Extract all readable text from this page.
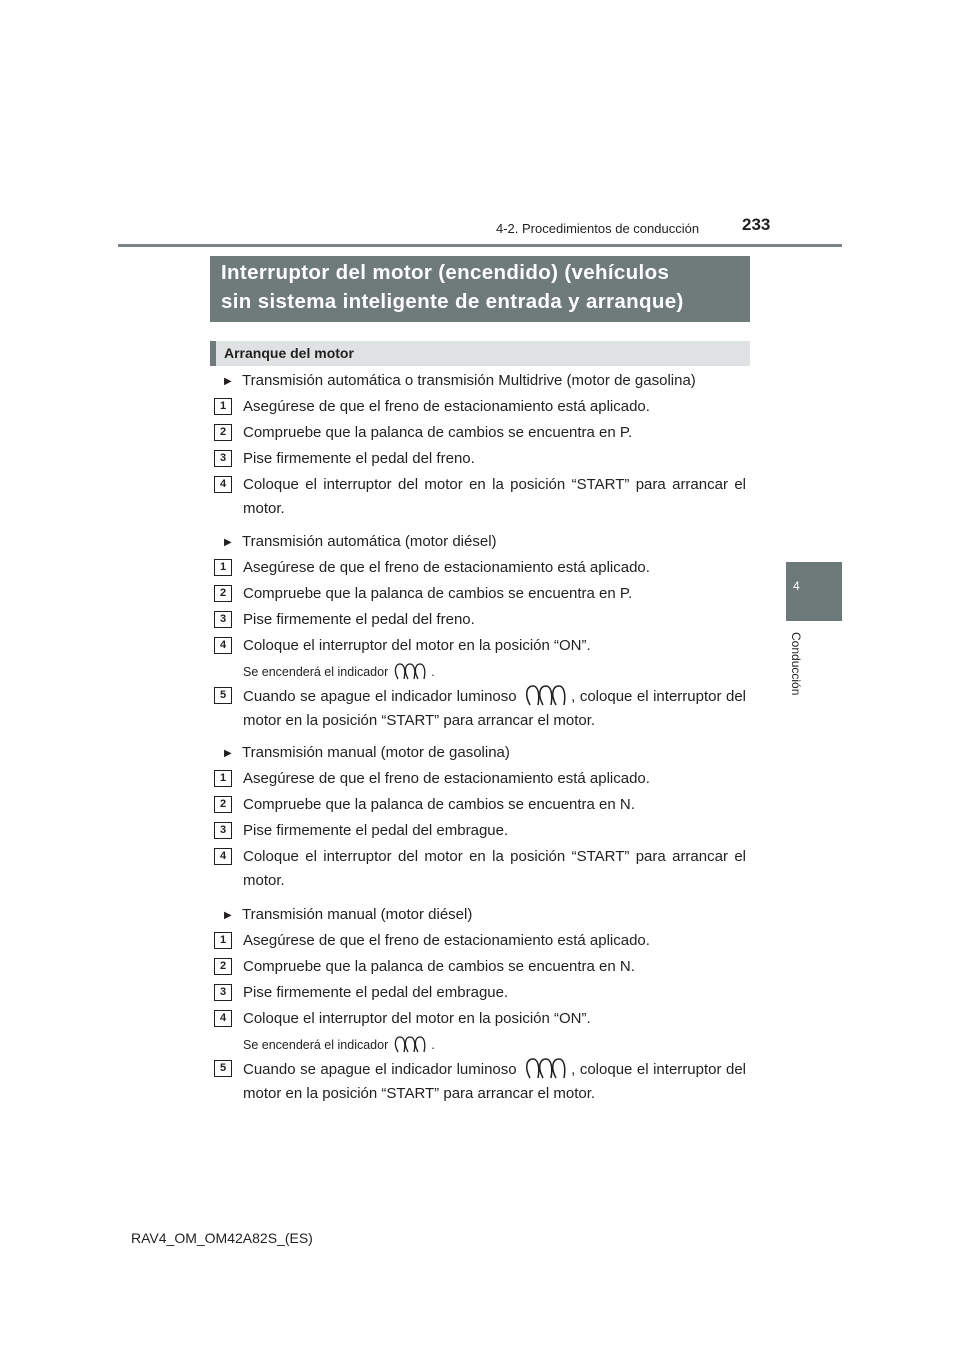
4-2. Procedimientos de conducción	233
4
Conducción
Interruptor del motor (encendido) (vehículos
sin sistema inteligente de entrada y arranque)
Arranque del motor
▶ Transmisión automática o transmisión Multidrive (motor de gasolina)
1	Asegúrese de que el freno de estacionamiento está aplicado.
2	Compruebe que la palanca de cambios se encuentra en P.
3	Pise firmemente el pedal del freno.
4	Coloque el interruptor del motor en la posición “START” para arrancar el motor.
▶ Transmisión automática (motor diésel)
1	Asegúrese de que el freno de estacionamiento está aplicado.
2	Compruebe que la palanca de cambios se encuentra en P.
3	Pise firmemente el pedal del freno.
4	Coloque el interruptor del motor en la posición “ON”.
Se encenderá el indicador	.
5	Cuando se apague el indicador luminoso	, coloque el interruptor del motor en la posición “START” para arrancar el motor.
▶ Transmisión manual (motor de gasolina)
1	Asegúrese de que el freno de estacionamiento está aplicado.
2	Compruebe que la palanca de cambios se encuentra en N.
3	Pise firmemente el pedal del embrague.
4	Coloque el interruptor del motor en la posición “START” para arrancar el motor.
▶ Transmisión manual (motor diésel)
1	Asegúrese de que el freno de estacionamiento está aplicado.
2	Compruebe que la palanca de cambios se encuentra en N.
3	Pise firmemente el pedal del embrague.
4	Coloque el interruptor del motor en la posición “ON”.
Se encenderá el indicador	.
5	Cuando se apague el indicador luminoso	, coloque el interruptor del motor en la posición “START” para arrancar el motor.
RAV4_OM_OM42A82S_(ES)
